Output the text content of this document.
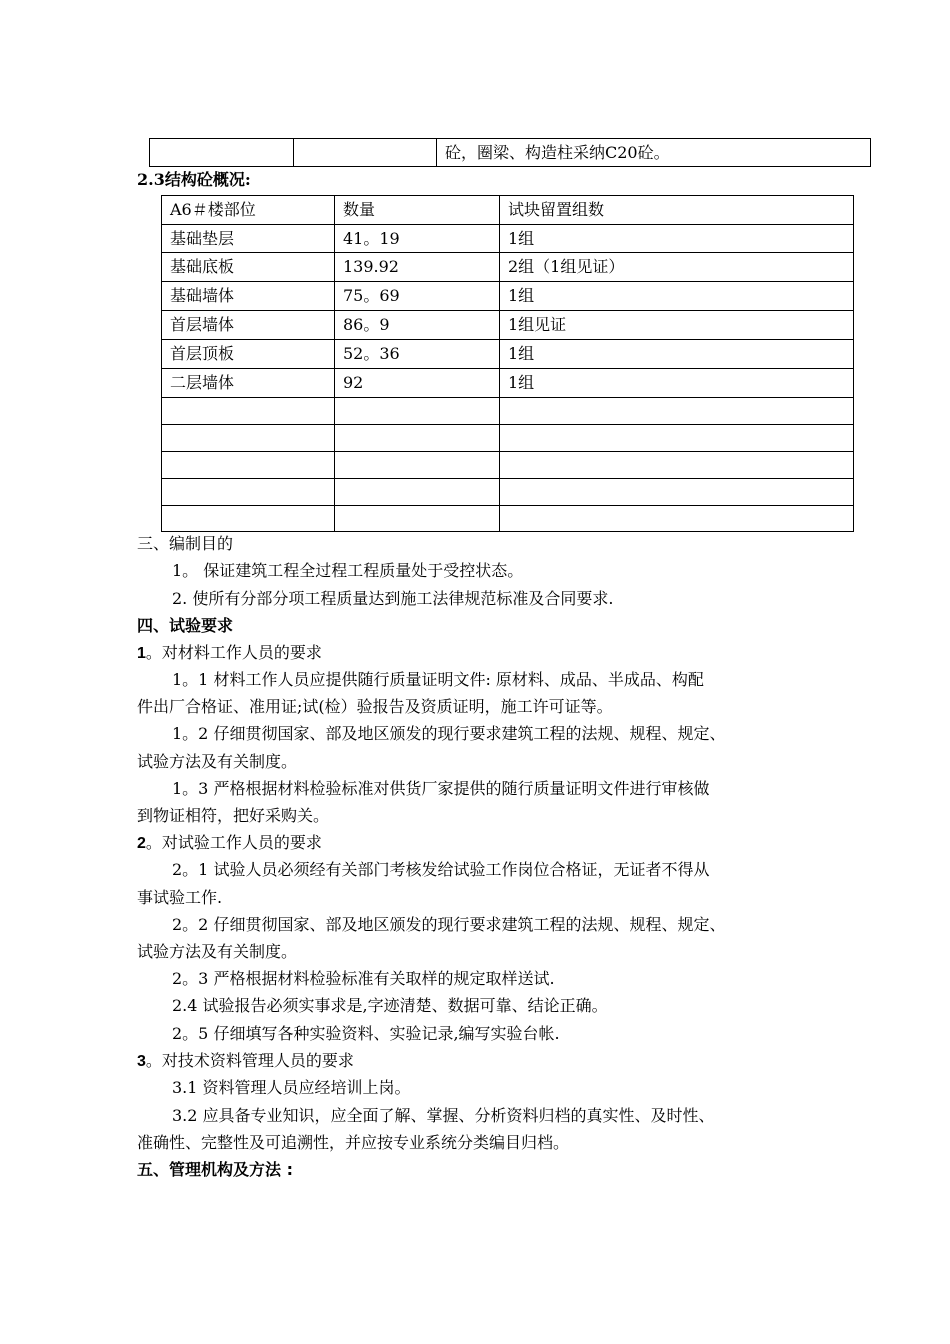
		砼，圈梁、构造柱采纳C20砼。
2.3结构砼概况:
A6＃楼部位	数量	试块留置组数
基础垫层	41。19	1组
基础底板	139.92	2组（1组见证）
基础墙体	75。69	1组
首层墙体	86。9	1组见证
首层顶板	52。36	1组
二层墙体	92	1组

三、编制目的
1。 保证建筑工程全过程工程质量处于受控状态。
2. 使所有分部分项工程质量达到施工法律规范标准及合同要求.
四、试验要求
1。对材料工作人员的要求
1。1 材料工作人员应提供随行质量证明文件: 原材料、成品、半成品、构配
件出厂合格证、准用证;试(检）验报告及资质证明，施工许可证等。
1。2 仔细贯彻国家、部及地区颁发的现行要求建筑工程的法规、规程、规定、
试验方法及有关制度。
1。3 严格根据材料检验标准对供货厂家提供的随行质量证明文件进行审核做
到物证相符，把好采购关。
2。对试验工作人员的要求
2。1 试验人员必须经有关部门考核发给试验工作岗位合格证，无证者不得从
事试验工作.
2。2 仔细贯彻国家、部及地区颁发的现行要求建筑工程的法规、规程、规定、
试验方法及有关制度。
2。3 严格根据材料检验标准有关取样的规定取样送试.
2.4 试验报告必须实事求是,字迹清楚、数据可靠、结论正确。
2。5 仔细填写各种实验资料、实验记录,编写实验台帐.
3。对技术资料管理人员的要求
3.1 资料管理人员应经培训上岗。
3.2 应具备专业知识，应全面了解、掌握、分析资料归档的真实性、及时性、
准确性、完整性及可追溯性，并应按专业系统分类编目归档。
五、管理机构及方法 :
